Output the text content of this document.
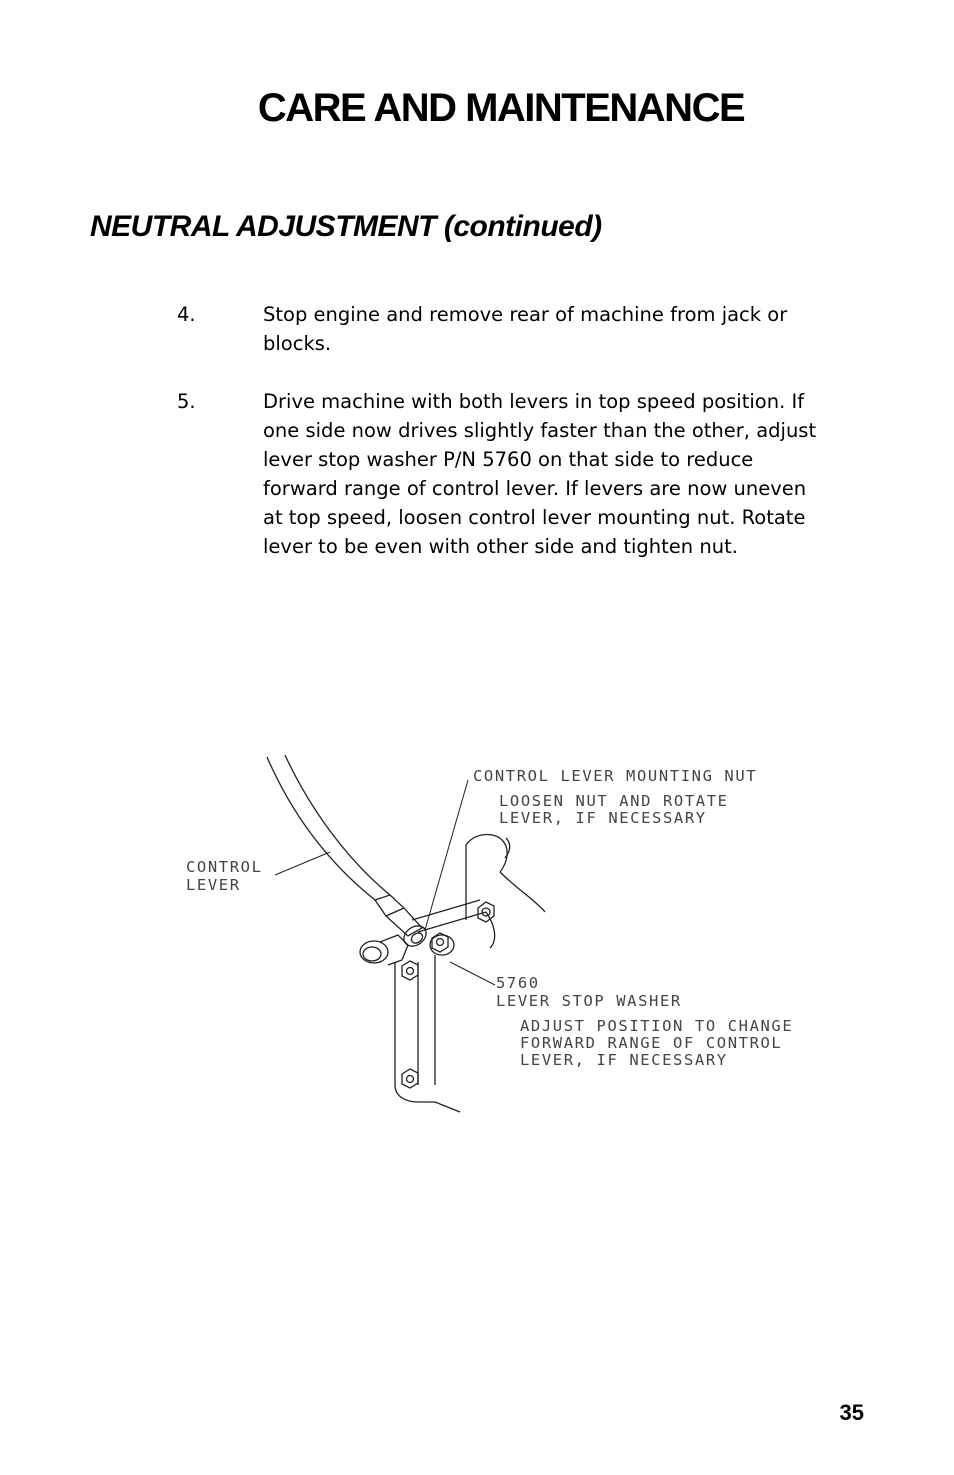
CARE AND MAINTENANCE
NEUTRAL ADJUSTMENT (continued)
4.	Stop engine and remove rear of machine from jack or blocks.
5.	Drive machine with both levers in top speed position. If one side now drives slightly faster than the other, adjust lever stop washer P/N 5760 on that side to reduce forward range of control lever. If levers are now uneven at top speed, loosen control lever mounting nut. Rotate lever to be even with other side and tighten nut.
CONTROL LEVER MOUNTING NUT
LOOSEN NUT AND ROTATE
LEVER, IF NECESSARY
CONTROL
LEVER
5760
LEVER STOP WASHER
ADJUST POSITION TO CHANGE
FORWARD RANGE OF CONTROL
LEVER, IF NECESSARY
35
